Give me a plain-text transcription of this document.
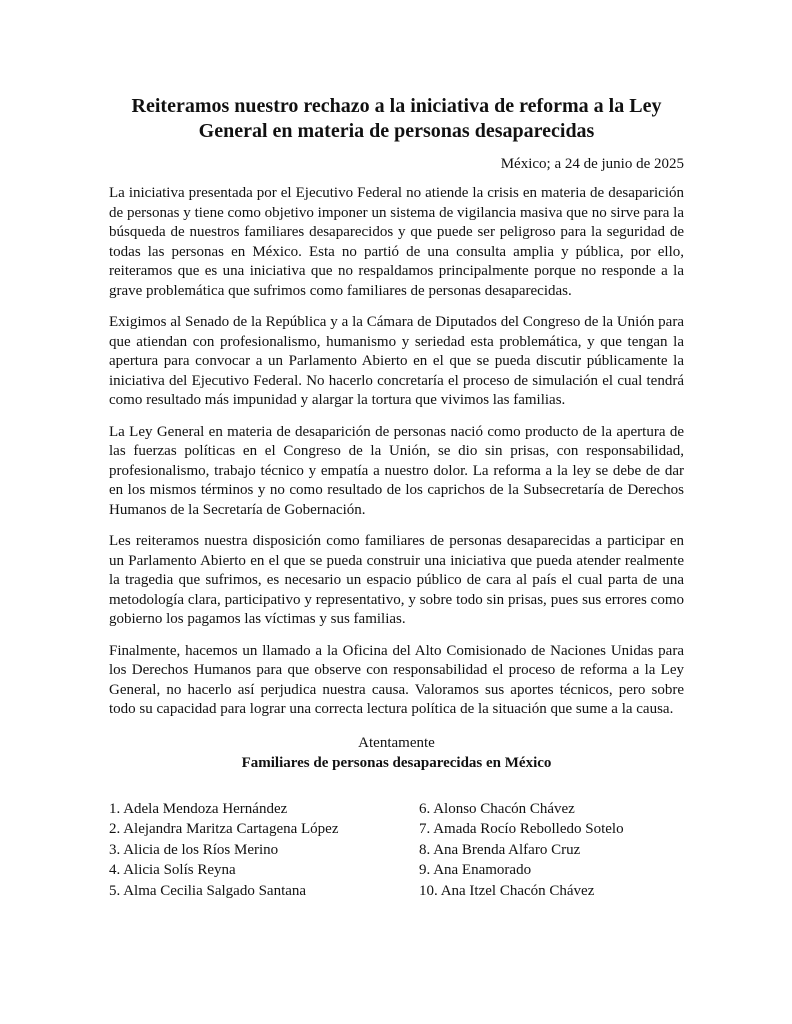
Reiteramos nuestro rechazo a la iniciativa de reforma a la Ley
General en materia de personas desaparecidas
México; a 24 de junio de 2025

La iniciativa presentada por el Ejecutivo Federal no atiende la crisis en materia de desaparición de personas y tiene como objetivo imponer un sistema de vigilancia masiva que no sirve para la búsqueda de nuestros familiares desaparecidos y que puede ser peligroso para la seguridad de todas las personas en México. Esta no partió de una consulta amplia y pública, por ello, reiteramos que es una iniciativa que no respaldamos principalmente porque no responde a la grave problemática que sufrimos como familiares de personas desaparecidas.

Exigimos al Senado de la República y a la Cámara de Diputados del Congreso de la Unión para que atiendan con profesionalismo, humanismo y seriedad esta problemática, y que tengan la apertura para convocar a un Parlamento Abierto en el que se pueda discutir públicamente la iniciativa del Ejecutivo Federal. No hacerlo concretaría el proceso de simulación el cual tendrá como resultado más impunidad y alargar la tortura que vivimos las familias.

La Ley General en materia de desaparición de personas nació como producto de la apertura de las fuerzas políticas en el Congreso de la Unión, se dio sin prisas, con responsabilidad, profesionalismo, trabajo técnico y empatía a nuestro dolor. La reforma a la ley se debe de dar en los mismos términos y no como resultado de los caprichos de la Subsecretaría de Derechos Humanos de la Secretaría de Gobernación.

Les reiteramos nuestra disposición como familiares de personas desaparecidas a participar en un Parlamento Abierto en el que se pueda construir una iniciativa que pueda atender realmente la tragedia que sufrimos, es necesario un espacio público de cara al país el cual parta de una metodología clara, participativo y representativo, y sobre todo sin prisas, pues sus errores como gobierno los pagamos las víctimas y sus familias.

Finalmente, hacemos un llamado a la Oficina del Alto Comisionado de Naciones Unidas para los Derechos Humanos para que observe con responsabilidad el proceso de reforma a la Ley General, no hacerlo así perjudica nuestra causa. Valoramos sus aportes técnicos, pero sobre todo su capacidad para lograr una correcta lectura política de la situación que sume a la causa.

Atentamente
Familiares de personas desaparecidas en México
1. Adela Mendoza Hernández
2. Alejandra Maritza Cartagena López
3. Alicia de los Ríos Merino
4. Alicia Solís Reyna
5. Alma Cecilia Salgado Santana
6. Alonso Chacón Chávez
7. Amada Rocío Rebolledo Sotelo
8. Ana Brenda Alfaro Cruz
9. Ana Enamorado
10. Ana Itzel Chacón Chávez
